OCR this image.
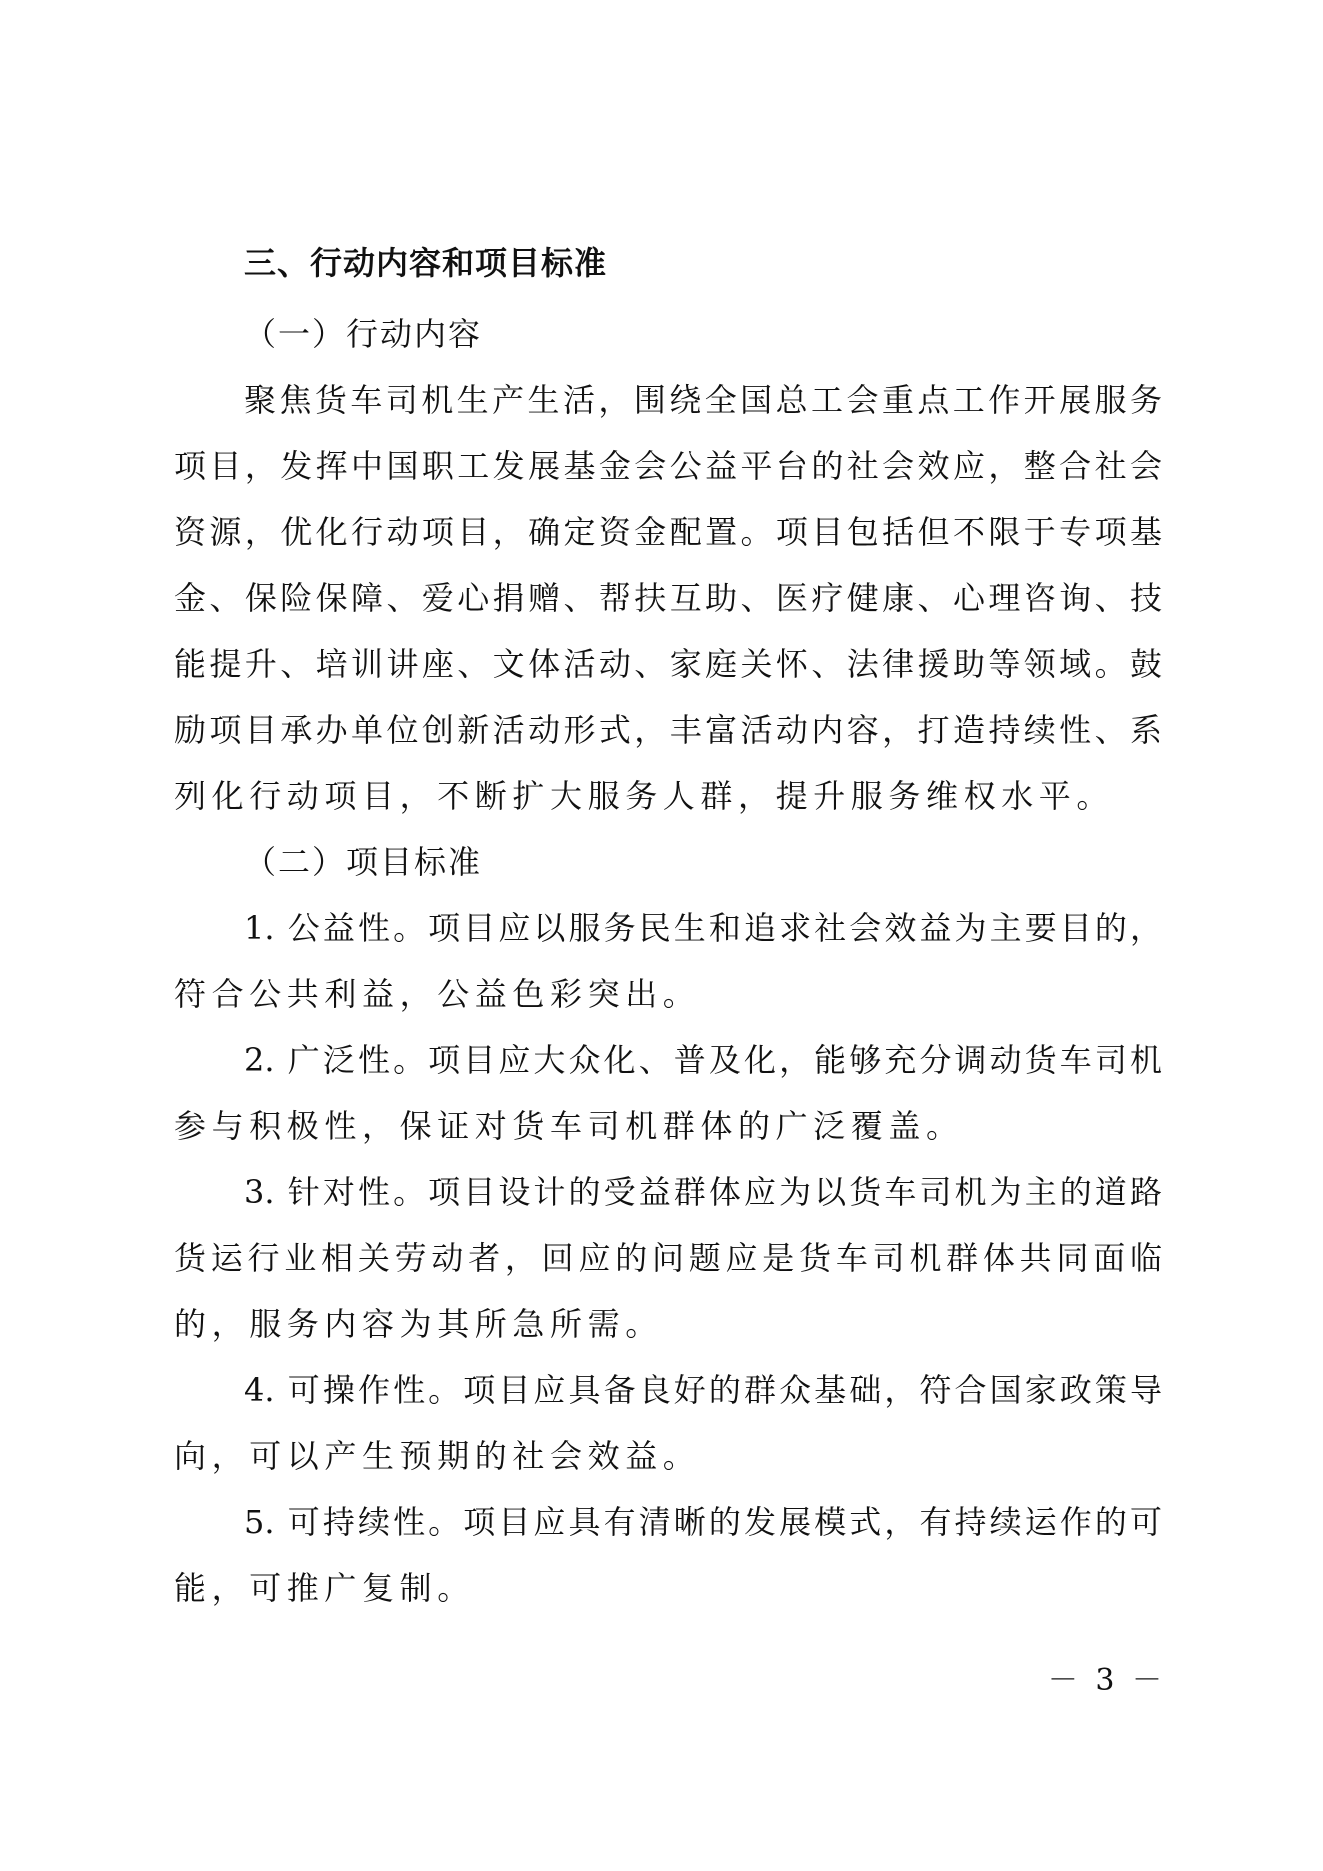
三、行动内容和项目标准
（一）行动内容
聚焦货车司机生产生活，围绕全国总工会重点工作开展服务
项目，发挥中国职工发展基金会公益平台的社会效应，整合社会
资源，优化行动项目，确定资金配置。项目包括但不限于专项基
金、保险保障、爱心捐赠、帮扶互助、医疗健康、心理咨询、技
能提升、培训讲座、文体活动、家庭关怀、法律援助等领域。鼓
励项目承办单位创新活动形式，丰富活动内容，打造持续性、系
列化行动项目，不断扩大服务人群，提升服务维权水平。
（二）项目标准
1. 公益性。项目应以服务民生和追求社会效益为主要目的，
符合公共利益，公益色彩突出。
2. 广泛性。项目应大众化、普及化，能够充分调动货车司机
参与积极性，保证对货车司机群体的广泛覆盖。
3. 针对性。项目设计的受益群体应为以货车司机为主的道路
货运行业相关劳动者，回应的问题应是货车司机群体共同面临
的，服务内容为其所急所需。
4. 可操作性。项目应具备良好的群众基础，符合国家政策导
向，可以产生预期的社会效益。
5. 可持续性。项目应具有清晰的发展模式，有持续运作的可
能，可推广复制。
－ 3 －
